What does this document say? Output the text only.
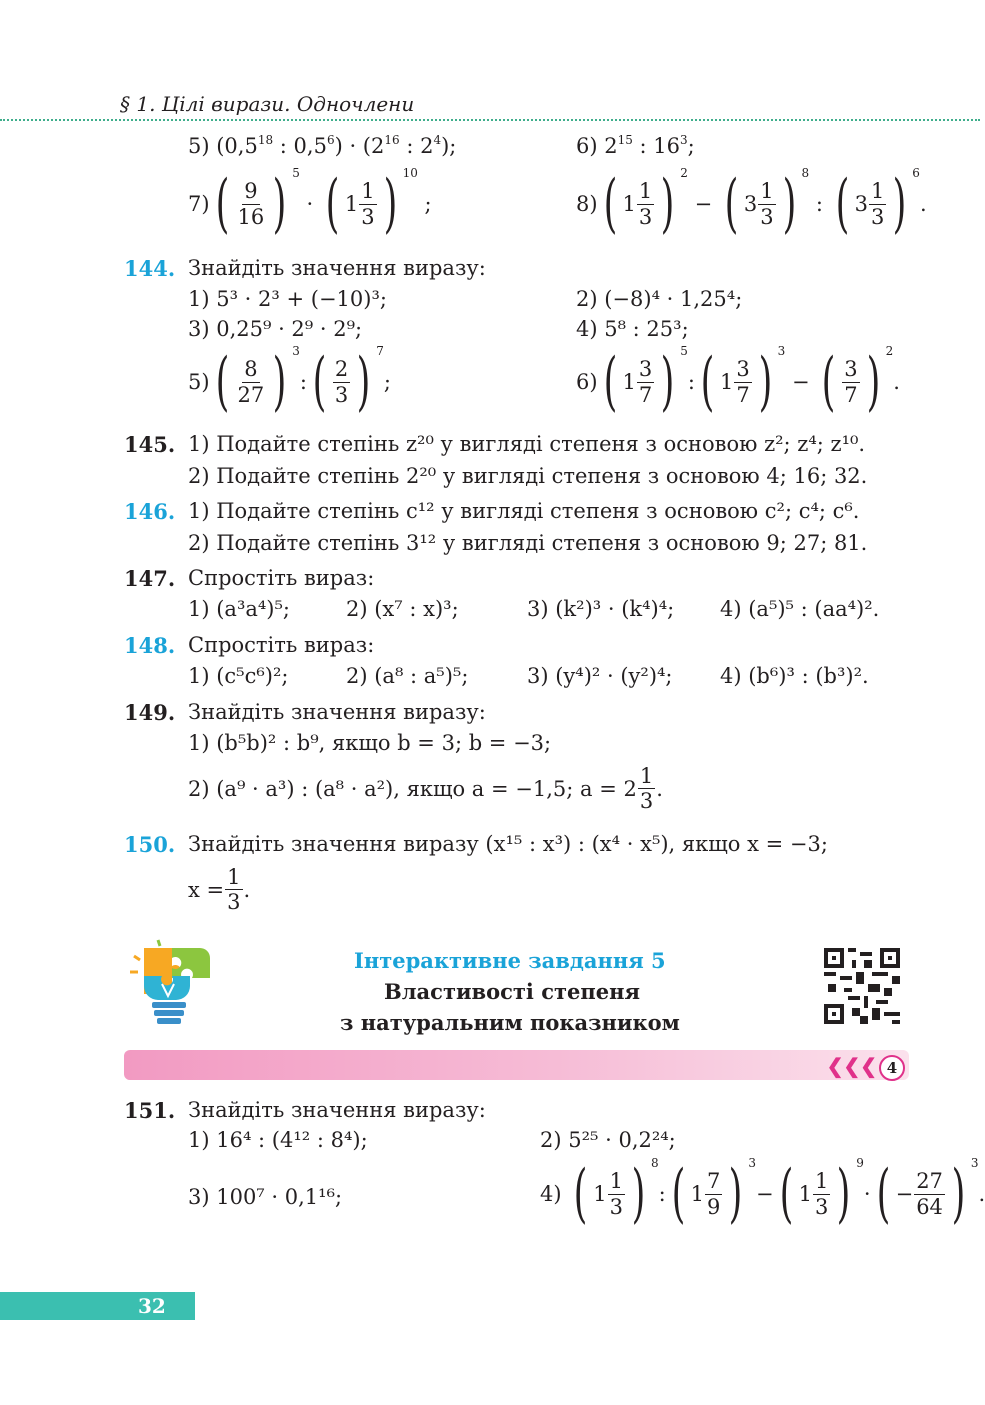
§ 1. Цілі вирази. Одночлени
5) ($0,5^{18}$ : $0,5^6) \cdot (2^{16}$ : $2^4$);	6) $2^{15}$ : $16^3$;
7) ( $\frac{9}{16}$ ) 5
· ( $1 \frac{1}{3}$ ) 10
;	8) ( $1 \frac{1}{3}$ ) 2
− ( $3 \frac{1}{3}$ ) 8
: ( $3 \frac{1}{3}$ ) 6
.
144. Знайдіть значення виразу:
1) 5³ · 2³ + (−10)³;	2) (−8)⁴ · 1,25⁴;
3) 0,25⁹ · 2⁹ · 2⁹;	4) 5⁸ : 25³;
5) ( $\frac{8}{27}$ ) 3
: ( $\frac{2}{3}$ ) 7
;	6) ( $1 \frac{3}{7}$ ) 5
: ( $1 \frac{3}{7}$ ) 3
− ( $\frac{3}{7}$ ) 2
.
145. 1) Подайте степінь z²⁰ у вигляді степеня з основою z²; z⁴; z¹⁰.
2) Подайте степінь 2²⁰ у вигляді степеня з основою 4; 16; 32.
146. 1) Подайте степінь c¹² у вигляді степеня з основою c²; c⁴; c⁶.
2) Подайте степінь 3¹² у вигляді степеня з основою 9; 27; 81.
147. Спростіть вираз:
1) (a³a⁴)⁵;	2) (x⁷ : x)³;	3) (k²)³ · (k⁴)⁴; 4) (a⁵)⁵ : (aa⁴)².
148. Спростіть вираз:
1) (c⁵c⁶)²;	2) (a⁸ : a⁵)⁵;	3) (y⁴)² · (y²)⁴; 4) (b⁶)³ : (b³)².
149. Знайдіть значення виразу:
1) (b⁵b)² : b⁹, якщо b = 3; b = −3;
2) (a⁹ · a³) : (a⁸ · a²), якщо a = −1,5; $a = 2 \frac{1}{3}$ .
150. Знайдіть значення виразу (x¹⁵ : x³) : (x⁴ · x⁵), якщо x = −3;
$x = \frac{1}{3}$ .
Інтерактивне завдання 5
Властивості степеня
з натуральним показником
❮❮❮ 4
151. Знайдіть значення виразу:
1) 16⁴ : (4¹² : 8⁴);	2) 5²⁵ · 0,2²⁴;
3) 100⁷ · 0,1¹⁶;	4)
( $1 \frac{1}{3}$ ) 8
: ( $1 \frac{7}{9}$ ) 3
− ( $1 \frac{1}{3}$ ) 9
· ( − $\frac{27}{64}$ ) 3
.
32
